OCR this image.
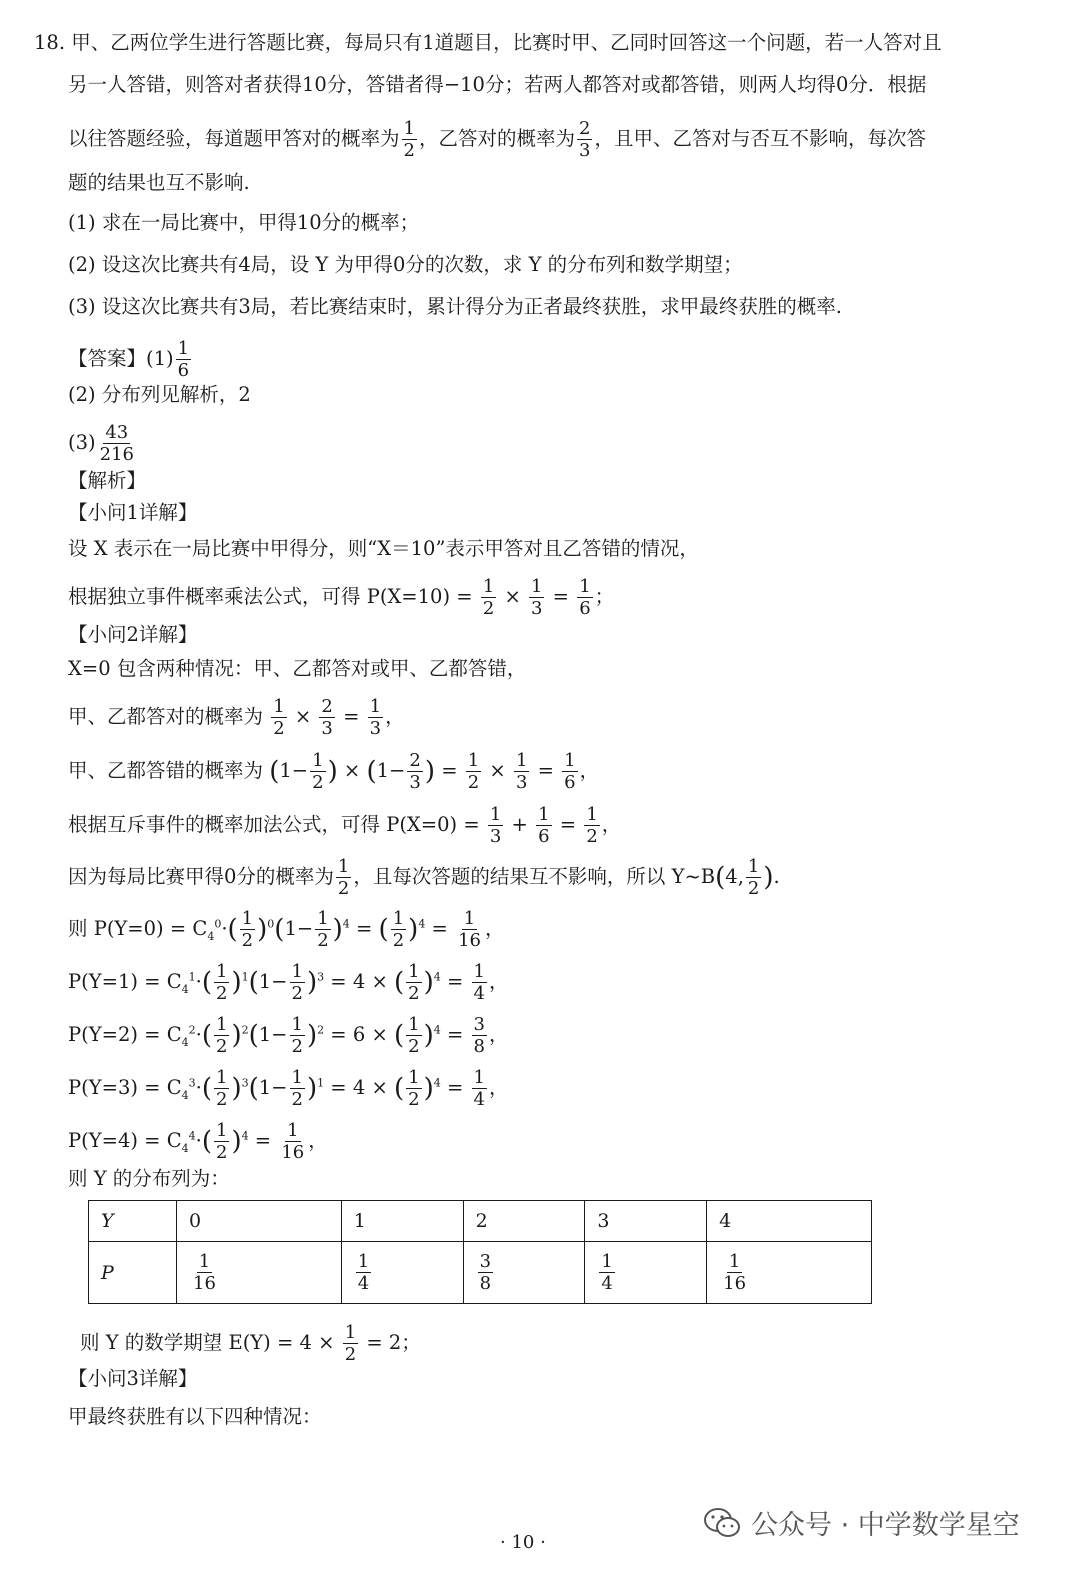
18. 甲、乙两位学生进行答题比赛，每局只有1道题目，比赛时甲、乙同时回答这一个问题，若一人答对且
另一人答错，则答对者获得10分，答错者得−10分；若两人都答对或都答错，则两人均得0分．根据
以往答题经验，每道题甲答对的概率为 $\frac{1}{2}$ ，乙答对的概率为 $\frac{2}{3}$ ，且甲、乙答对与否互不影响，每次答
题的结果也互不影响.
(1) 求在一局比赛中，甲得10分的概率；
(2) 设这次比赛共有4局，设 Y 为甲得0分的次数，求 Y 的分布列和数学期望；
(3) 设这次比赛共有3局，若比赛结束时，累计得分为正者最终获胜，求甲最终获胜的概率.
【答案】$(1) \frac{1}{6}$
(2) 分布列见解析，2
$(3) \frac{43}{216}$
【解析】
【小问1详解】
设 X 表示在一局比赛中甲得分，则“X＝10”表示甲答对且乙答错的情况，
根据独立事件概率乘法公式，可得 $P(X=10) = \frac{1}{2} \times \frac{1}{3} = \frac{1}{6}$ ；
【小问2详解】
X=0 包含两种情况：甲、乙都答对或甲、乙都答错，
甲、乙都答对的概率为 $\frac{1}{2} \times \frac{2}{3} = \frac{1}{3}$ ，
甲、乙都答错的概率为 ($1- \frac{1}{2}$ ) × ($1- \frac{2}{3}$ ) = $\frac{1}{2} \times \frac{1}{3} = \frac{1}{6}$ ，
根据互斥事件的概率加法公式，可得 $P(X=0) = \frac{1}{3} + \frac{1}{6} = \frac{1}{2}$ ，
因为每局比赛甲得0分的概率为 $\frac{1}{2}$ ，且每次答题的结果互不影响，所以 Y~B(4, $\frac{1}{2}$ ).
则 $P(Y=0) = C_4^0\cdot( \frac{1}{2} )^0(1- \frac{1}{2} )^4$ = ( $\frac{1}{2} )^4 = \frac{1}{16}$ ，
$P(Y=1) = C_4^1\cdot( \frac{1}{2} )^1(1- \frac{1}{2} )^3 = 4$ × ( $\frac{1}{2} )^4 = \frac{1}{4}$ ，
$P(Y=2) = C_4^2\cdot( \frac{1}{2} )^2(1- \frac{1}{2} )^2 = 6$ × ( $\frac{1}{2} )^4 = \frac{3}{8}$ ，
$P(Y=3) = C_4^3\cdot( \frac{1}{2} )^3(1- \frac{1}{2} )^1 = 4$ × ( $\frac{1}{2} )^4 = \frac{1}{4}$ ，
$P(Y=4) = C_4^4\cdot( \frac{1}{2} )^4 = \frac{1}{16}$ ，
则 Y 的分布列为：
Y	0	1	2	3	4
P	$\frac{1}{16}$	$\frac{1}{4}$	$\frac{3}{8}$	$\frac{1}{4}$	$\frac{1}{16}$
则 Y 的数学期望 $E(Y) = 4 \times \frac{1}{2} = 2$；
【小问3详解】
甲最终获胜有以下四种情况：
· 10 ·
公众号 · 中学数学星空
